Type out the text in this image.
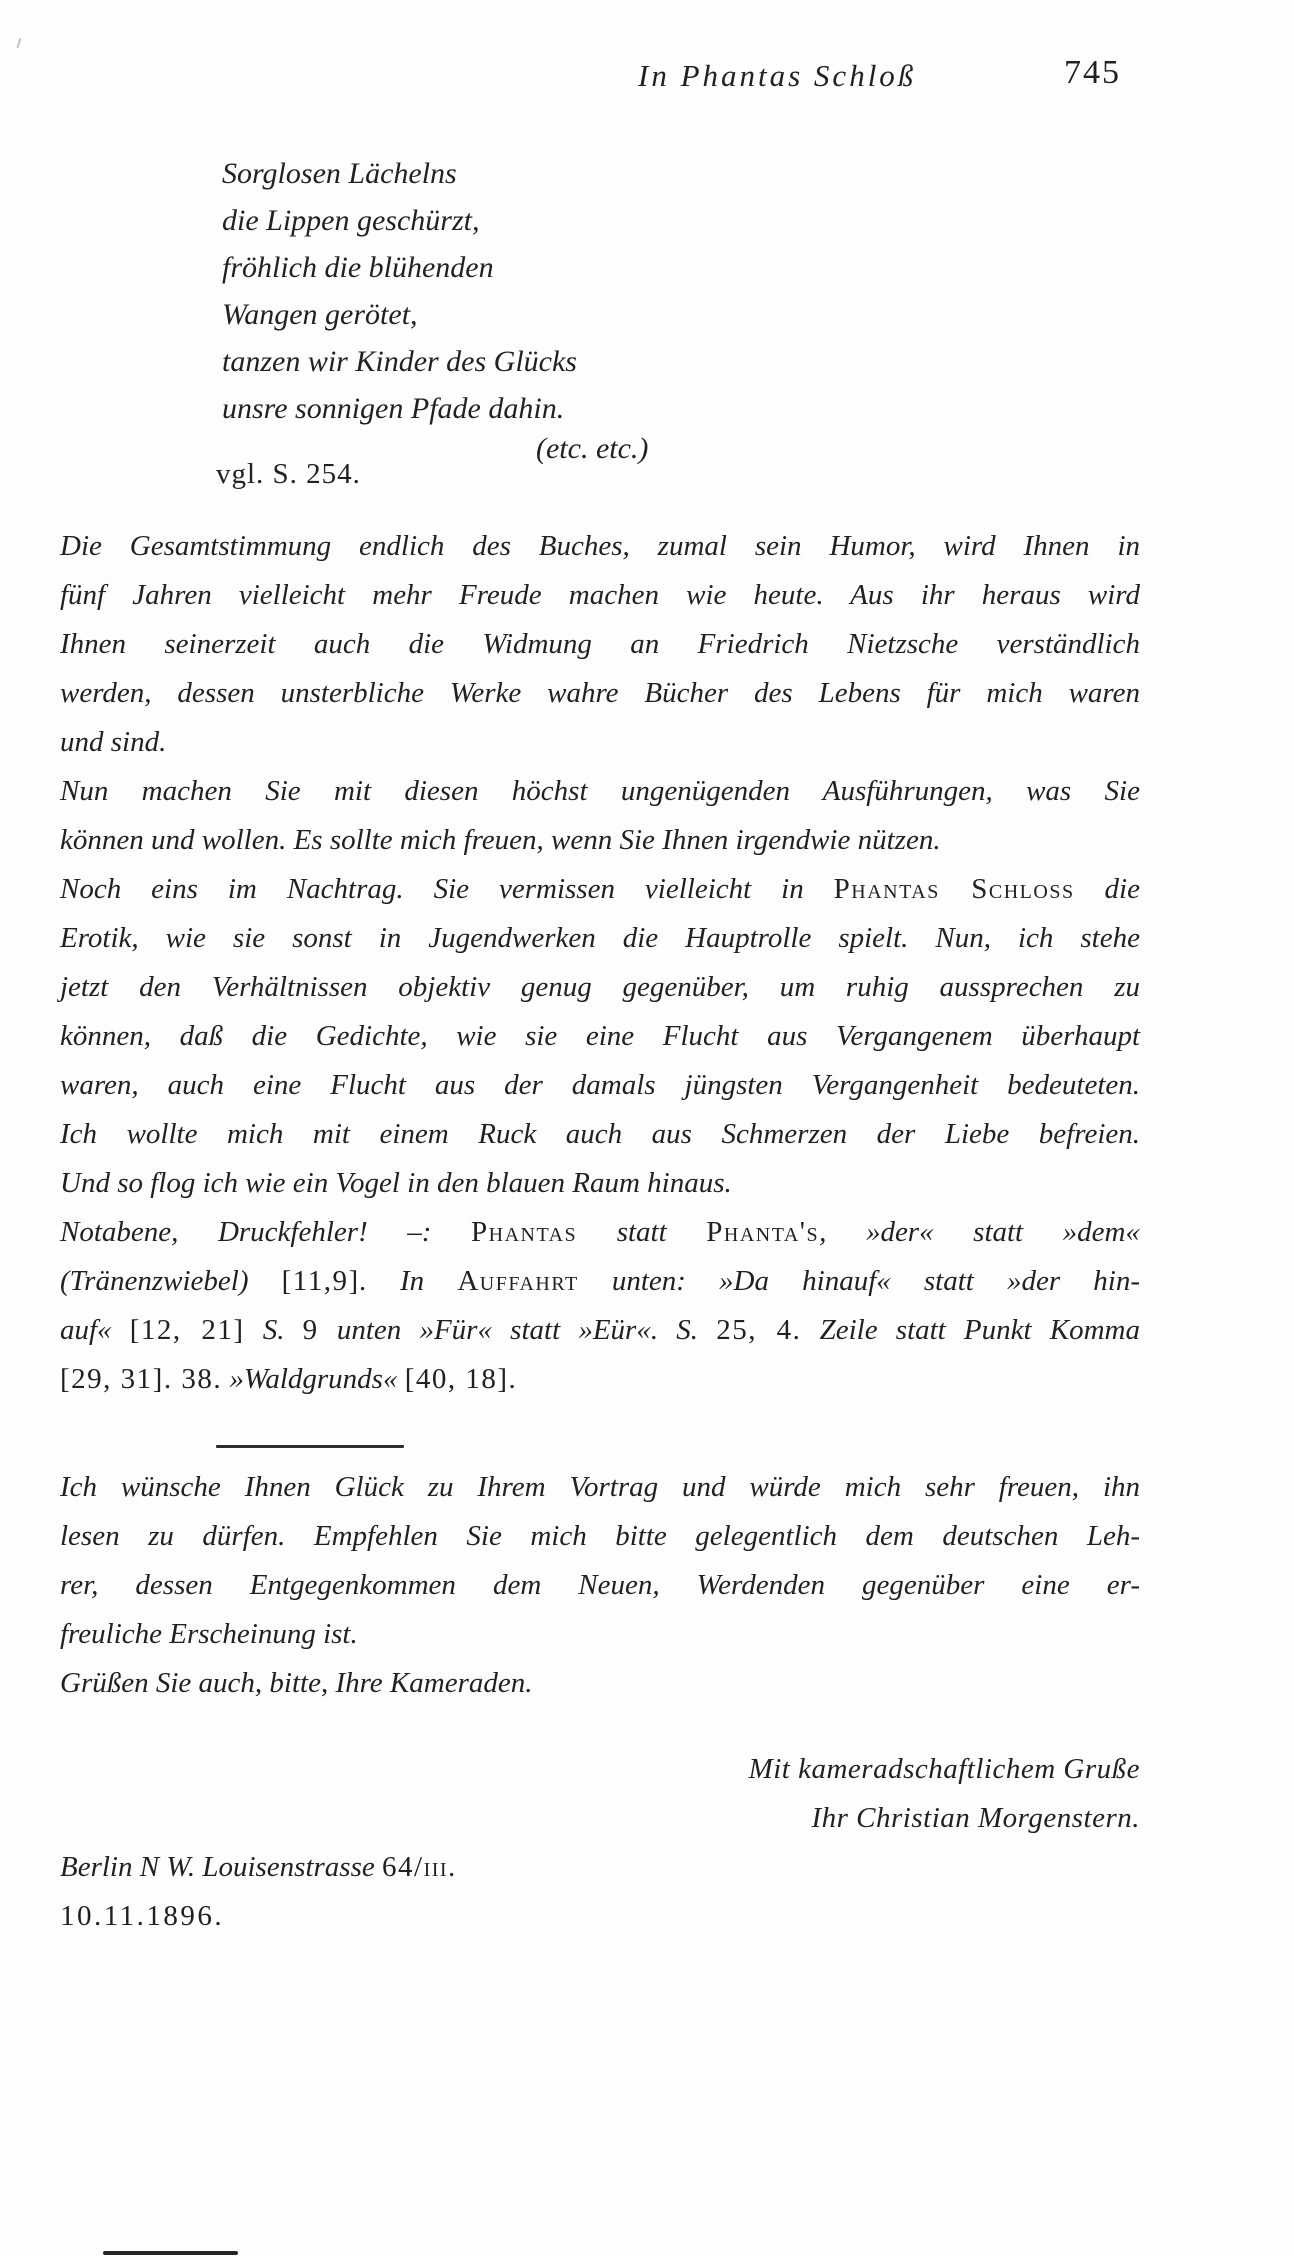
In Phantas Schloß	745
Sorglosen Lächelns
die Lippen geschürzt,
fröhlich die blühenden
Wangen gerötet,
tanzen wir Kinder des Glücks
unsre sonnigen Pfade dahin.
(etc. etc.)
vgl. S. 254.
Die Gesamtstimmung endlich des Buches, zumal sein Humor, wird Ihnen in
fünf Jahren vielleicht mehr Freude machen wie heute. Aus ihr heraus wird
Ihnen seinerzeit auch die Widmung an Friedrich Nietzsche verständlich
werden, dessen unsterbliche Werke wahre Bücher des Lebens für mich waren
und sind.
Nun machen Sie mit diesen höchst ungenügenden Ausführungen, was Sie
können und wollen. Es sollte mich freuen, wenn Sie Ihnen irgendwie nützen.
Noch eins im Nachtrag. Sie vermissen vielleicht in Phantas Schloss die
Erotik, wie sie sonst in Jugendwerken die Hauptrolle spielt. Nun, ich stehe
jetzt den Verhältnissen objektiv genug gegenüber, um ruhig aussprechen zu
können, daß die Gedichte, wie sie eine Flucht aus Vergangenem überhaupt
waren, auch eine Flucht aus der damals jüngsten Vergangenheit bedeuteten.
Ich wollte mich mit einem Ruck auch aus Schmerzen der Liebe befreien.
Und so flog ich wie ein Vogel in den blauen Raum hinaus.
Notabene, Druckfehler! –: Phantas statt Phanta's, »der« statt »dem«
(Tränenzwiebel) [11,9]. In Auffahrt unten: »Da hinauf« statt »der hin-
auf« [12, 21] S. 9 unten »Für« statt »Eür«. S. 25, 4. Zeile statt Punkt Komma
[29, 31]. 38. »Waldgrunds« [40, 18].
Ich wünsche Ihnen Glück zu Ihrem Vortrag und würde mich sehr freuen, ihn
lesen zu dürfen. Empfehlen Sie mich bitte gelegentlich dem deutschen Leh-
rer, dessen Entgegenkommen dem Neuen, Werdenden gegenüber eine er-
freuliche Erscheinung ist.
Grüßen Sie auch, bitte, Ihre Kameraden.
Mit kameradschaftlichem Gruße
Ihr Christian Morgenstern.
Berlin N W. Louisenstrasse 64/iii.
10.11.1896.
